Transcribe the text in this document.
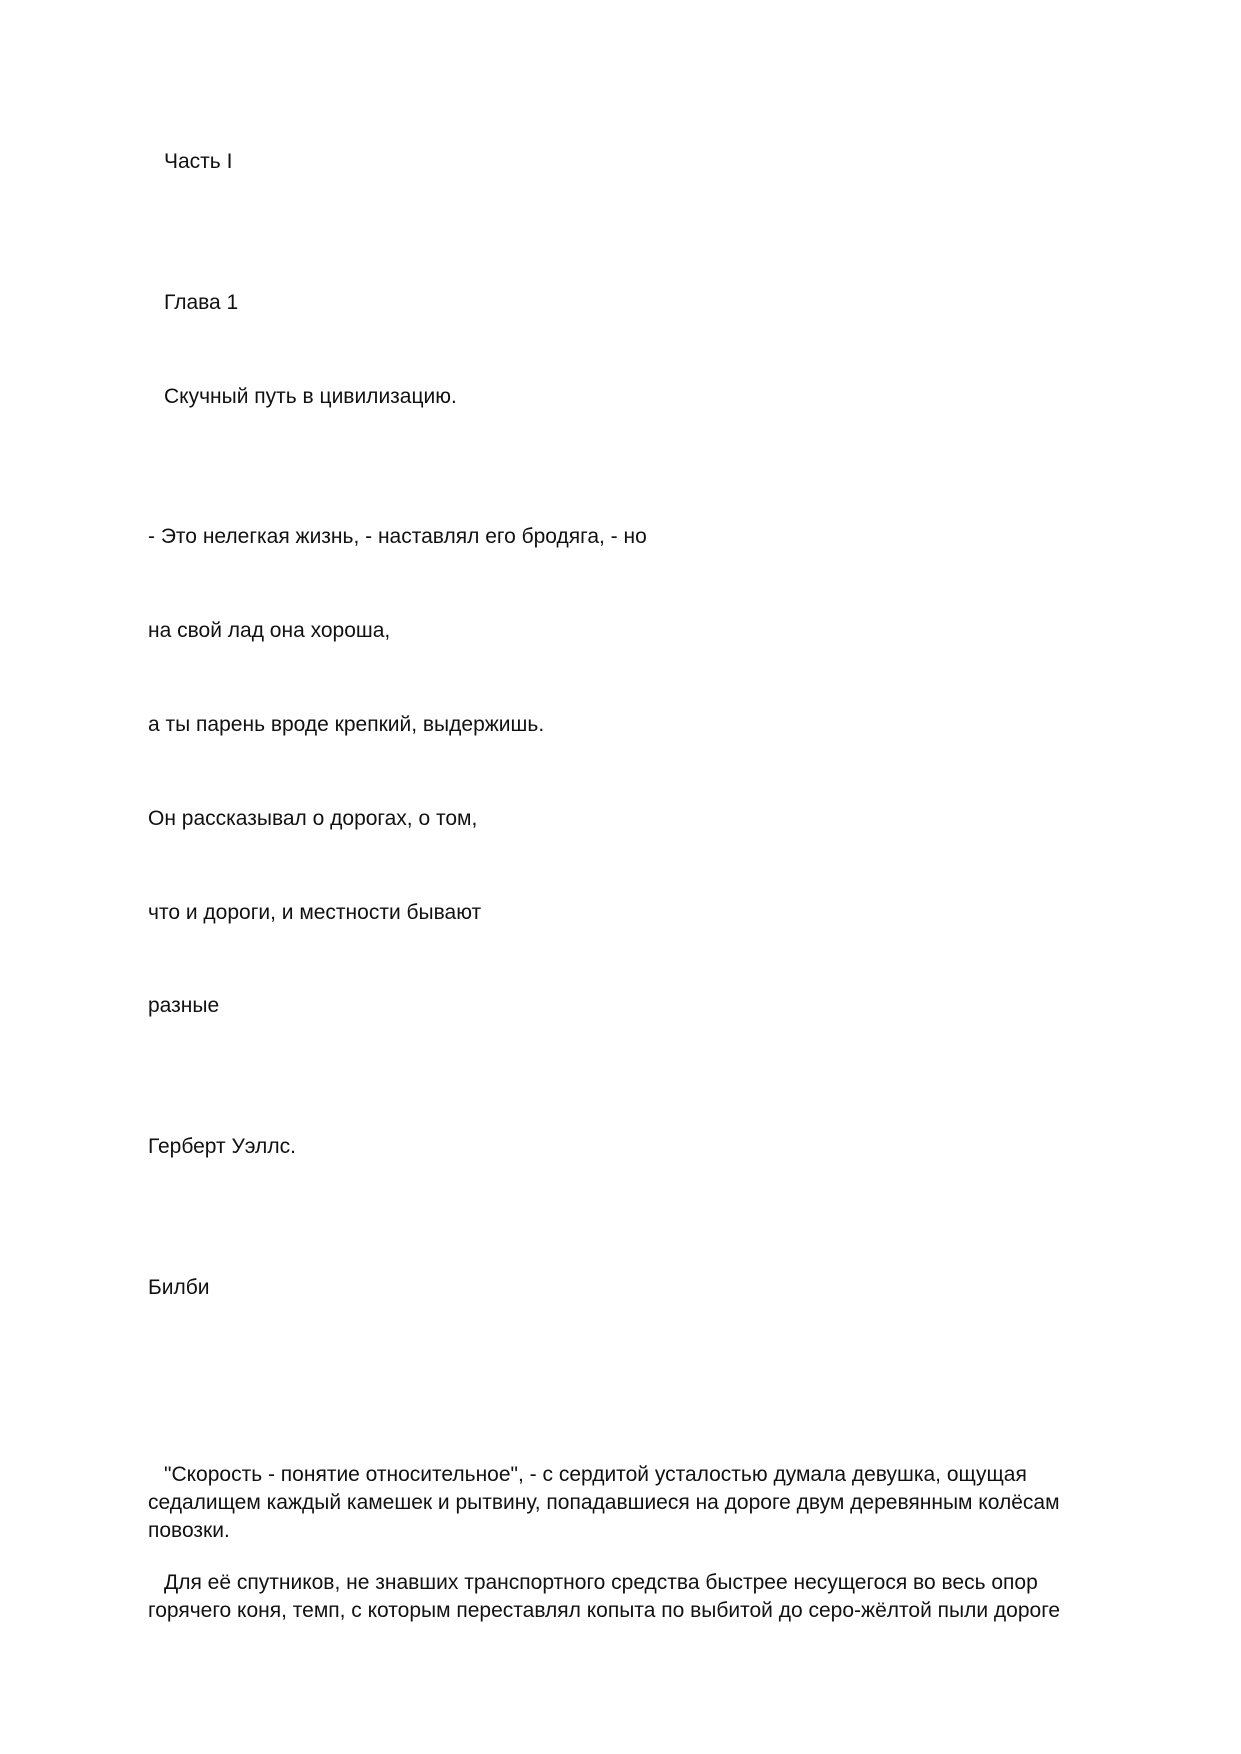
Часть I
Глава 1
Скучный путь в цивилизацию.
- Это нелегкая жизнь, - наставлял его бродяга, - но
на свой лад она хороша,
а ты парень вроде крепкий, выдержишь.
Он рассказывал о дорогах, о том,
что и дороги, и местности бывают
разные
Герберт Уэллс.
Билби
"Скорость - понятие относительное", - с сердитой усталостью думала девушка, ощущая седалищем каждый камешек и рытвину, попадавшиеся на дороге двум деревянным колёсам повозки.
Для её спутников, не знавших транспортного средства быстрее несущегося во весь опор горячего коня, темп, с которым переставлял копыта по выбитой до серо-жёлтой пыли дороге
